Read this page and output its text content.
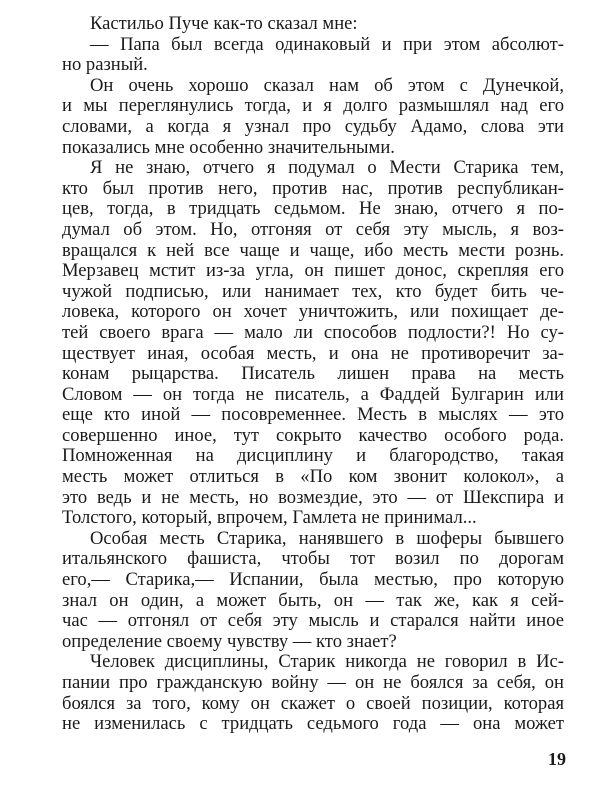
Кастильо Пуче как-то сказал мне:
— Папа был всегда одинаковый и при этом абсолют-
но разный.
Он очень хорошо сказал нам об этом с Дунечкой,
и мы переглянулись тогда, и я долго размышлял над его
словами, а когда я узнал про судьбу Адамо, слова эти
показались мне особенно значительными.
Я не знаю, отчего я подумал о Мести Старика тем,
кто был против него, против нас, против республикан-
цев, тогда, в тридцать седьмом. Не знаю, отчего я по-
думал об этом. Но, отгоняя от себя эту мысль, я воз-
вращался к ней все чаще и чаще, ибо месть мести рознь.
Мерзавец мстит из-за угла, он пишет донос, скрепляя его
чужой подписью, или нанимает тех, кто будет бить че-
ловека, которого он хочет уничтожить, или похищает де-
тей своего врага — мало ли способов подлости?! Но су-
ществует иная, особая месть, и она не противоречит за-
конам рыцарства. Писатель лишен права на месть
Словом — он тогда не писатель, а Фаддей Булгарин или
еще кто иной — посовременнее. Месть в мыслях — это
совершенно иное, тут сокрыто качество особого рода.
Помноженная на дисциплину и благородство, такая
месть может отлиться в «По ком звонит колокол», а
это ведь и не месть, но возмездие, это — от Шекспира и
Толстого, который, впрочем, Гамлета не принимал...
Особая месть Старика, нанявшего в шоферы бывшего
итальянского фашиста, чтобы тот возил по дорогам
его,— Старика,— Испании, была местью, про которую
знал он один, а может быть, он — так же, как я сей-
час — отгонял от себя эту мысль и старался найти иное
определение своему чувству — кто знает?
Человек дисциплины, Старик никогда не говорил в Ис-
пании про гражданскую войну — он не боялся за себя, он
боялся за того, кому он скажет о своей позиции, которая
не изменилась с тридцать седьмого года — она может
19
